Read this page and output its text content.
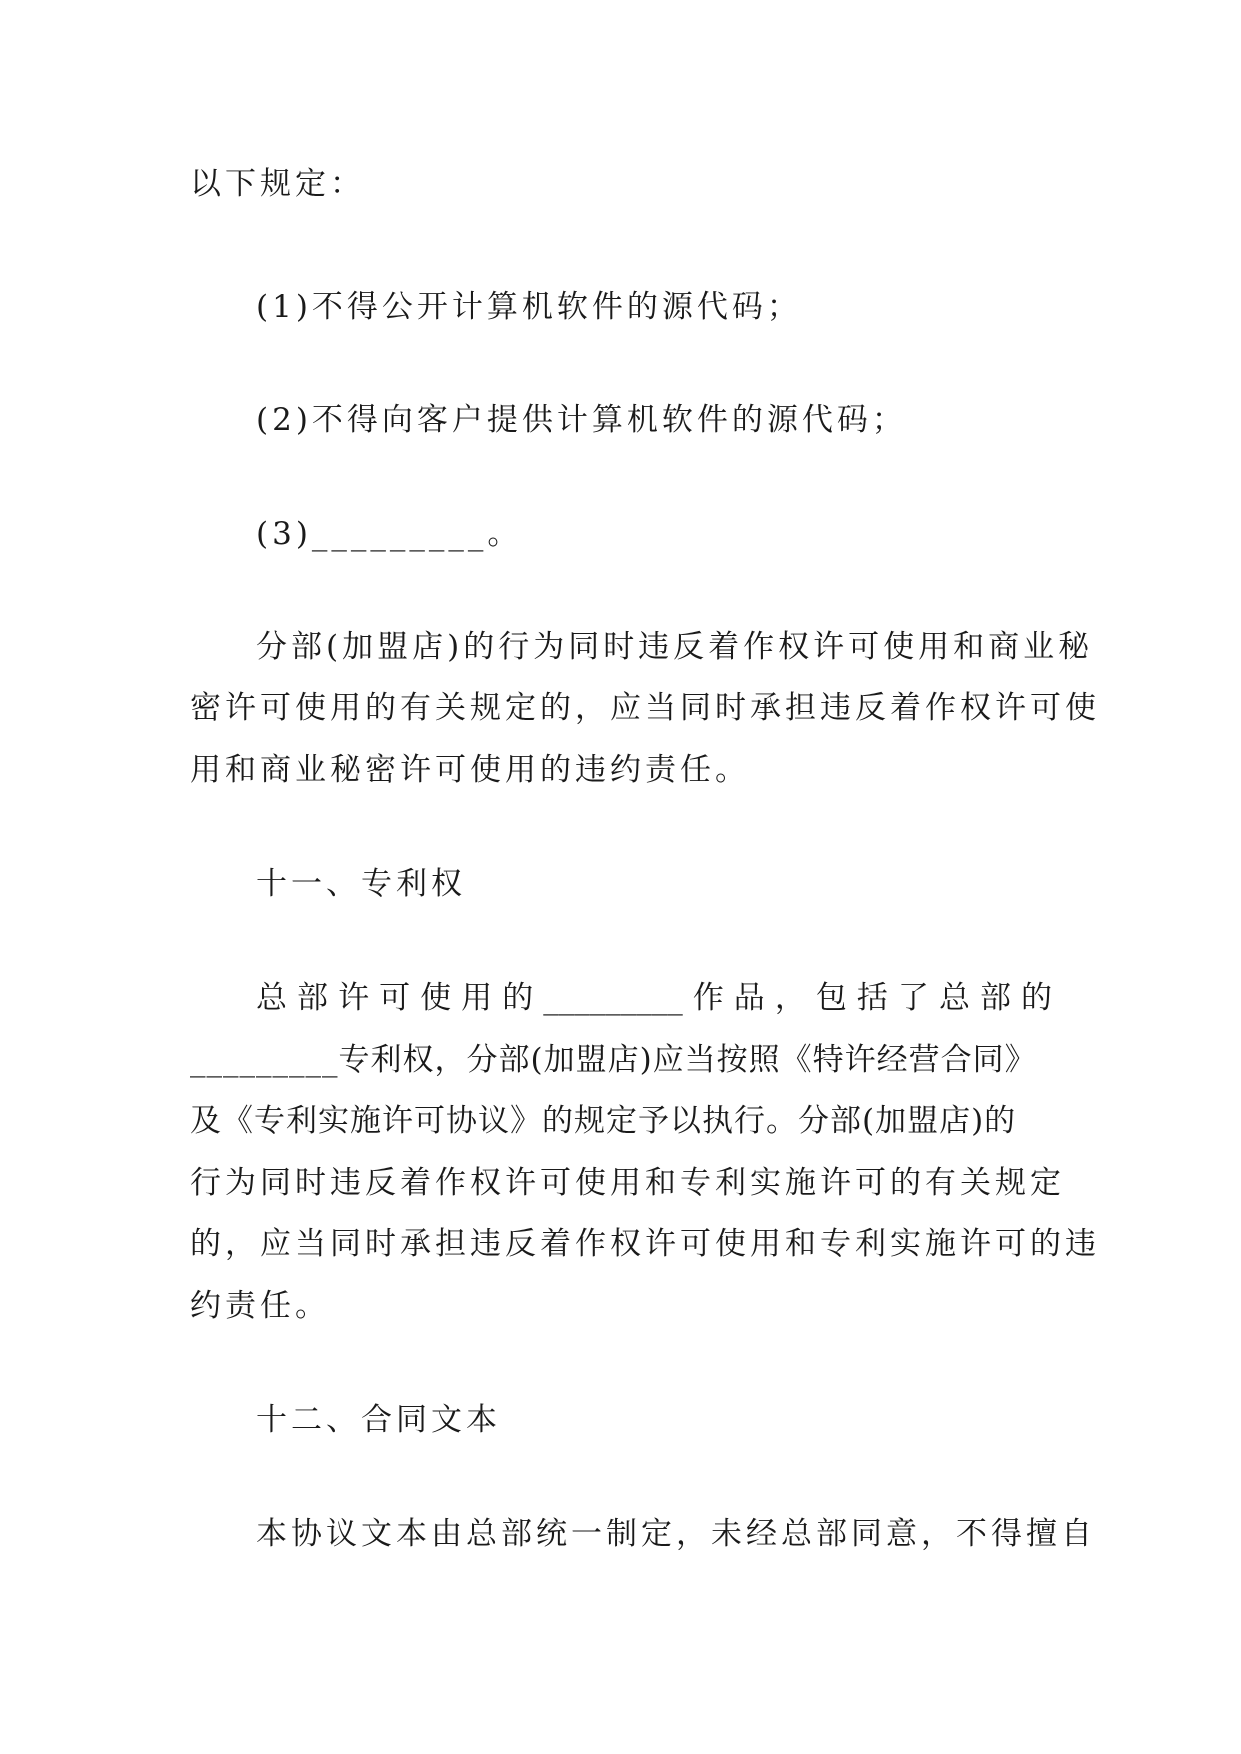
以下规定：

(1)不得公开计算机软件的源代码；

(2)不得向客户提供计算机软件的源代码；

(3)_________。

分部(加盟店)的行为同时违反着作权许可使用和商业秘

密许可使用的有关规定的，应当同时承担违反着作权许可使

用和商业秘密许可使用的违约责任。

十一、专利权

总 部 许 可 使 用 的 _________ 作 品 ， 包 括 了 总 部 的

_________专利权，分部(加盟店)应当按照《特许经营合同》

及《专利实施许可协议》的规定予以执行。分部(加盟店)的

行为同时违反着作权许可使用和专利实施许可的有关规定

的，应当同时承担违反着作权许可使用和专利实施许可的违

约责任。

十二、合同文本

本协议文本由总部统一制定，未经总部同意，不得擅自
